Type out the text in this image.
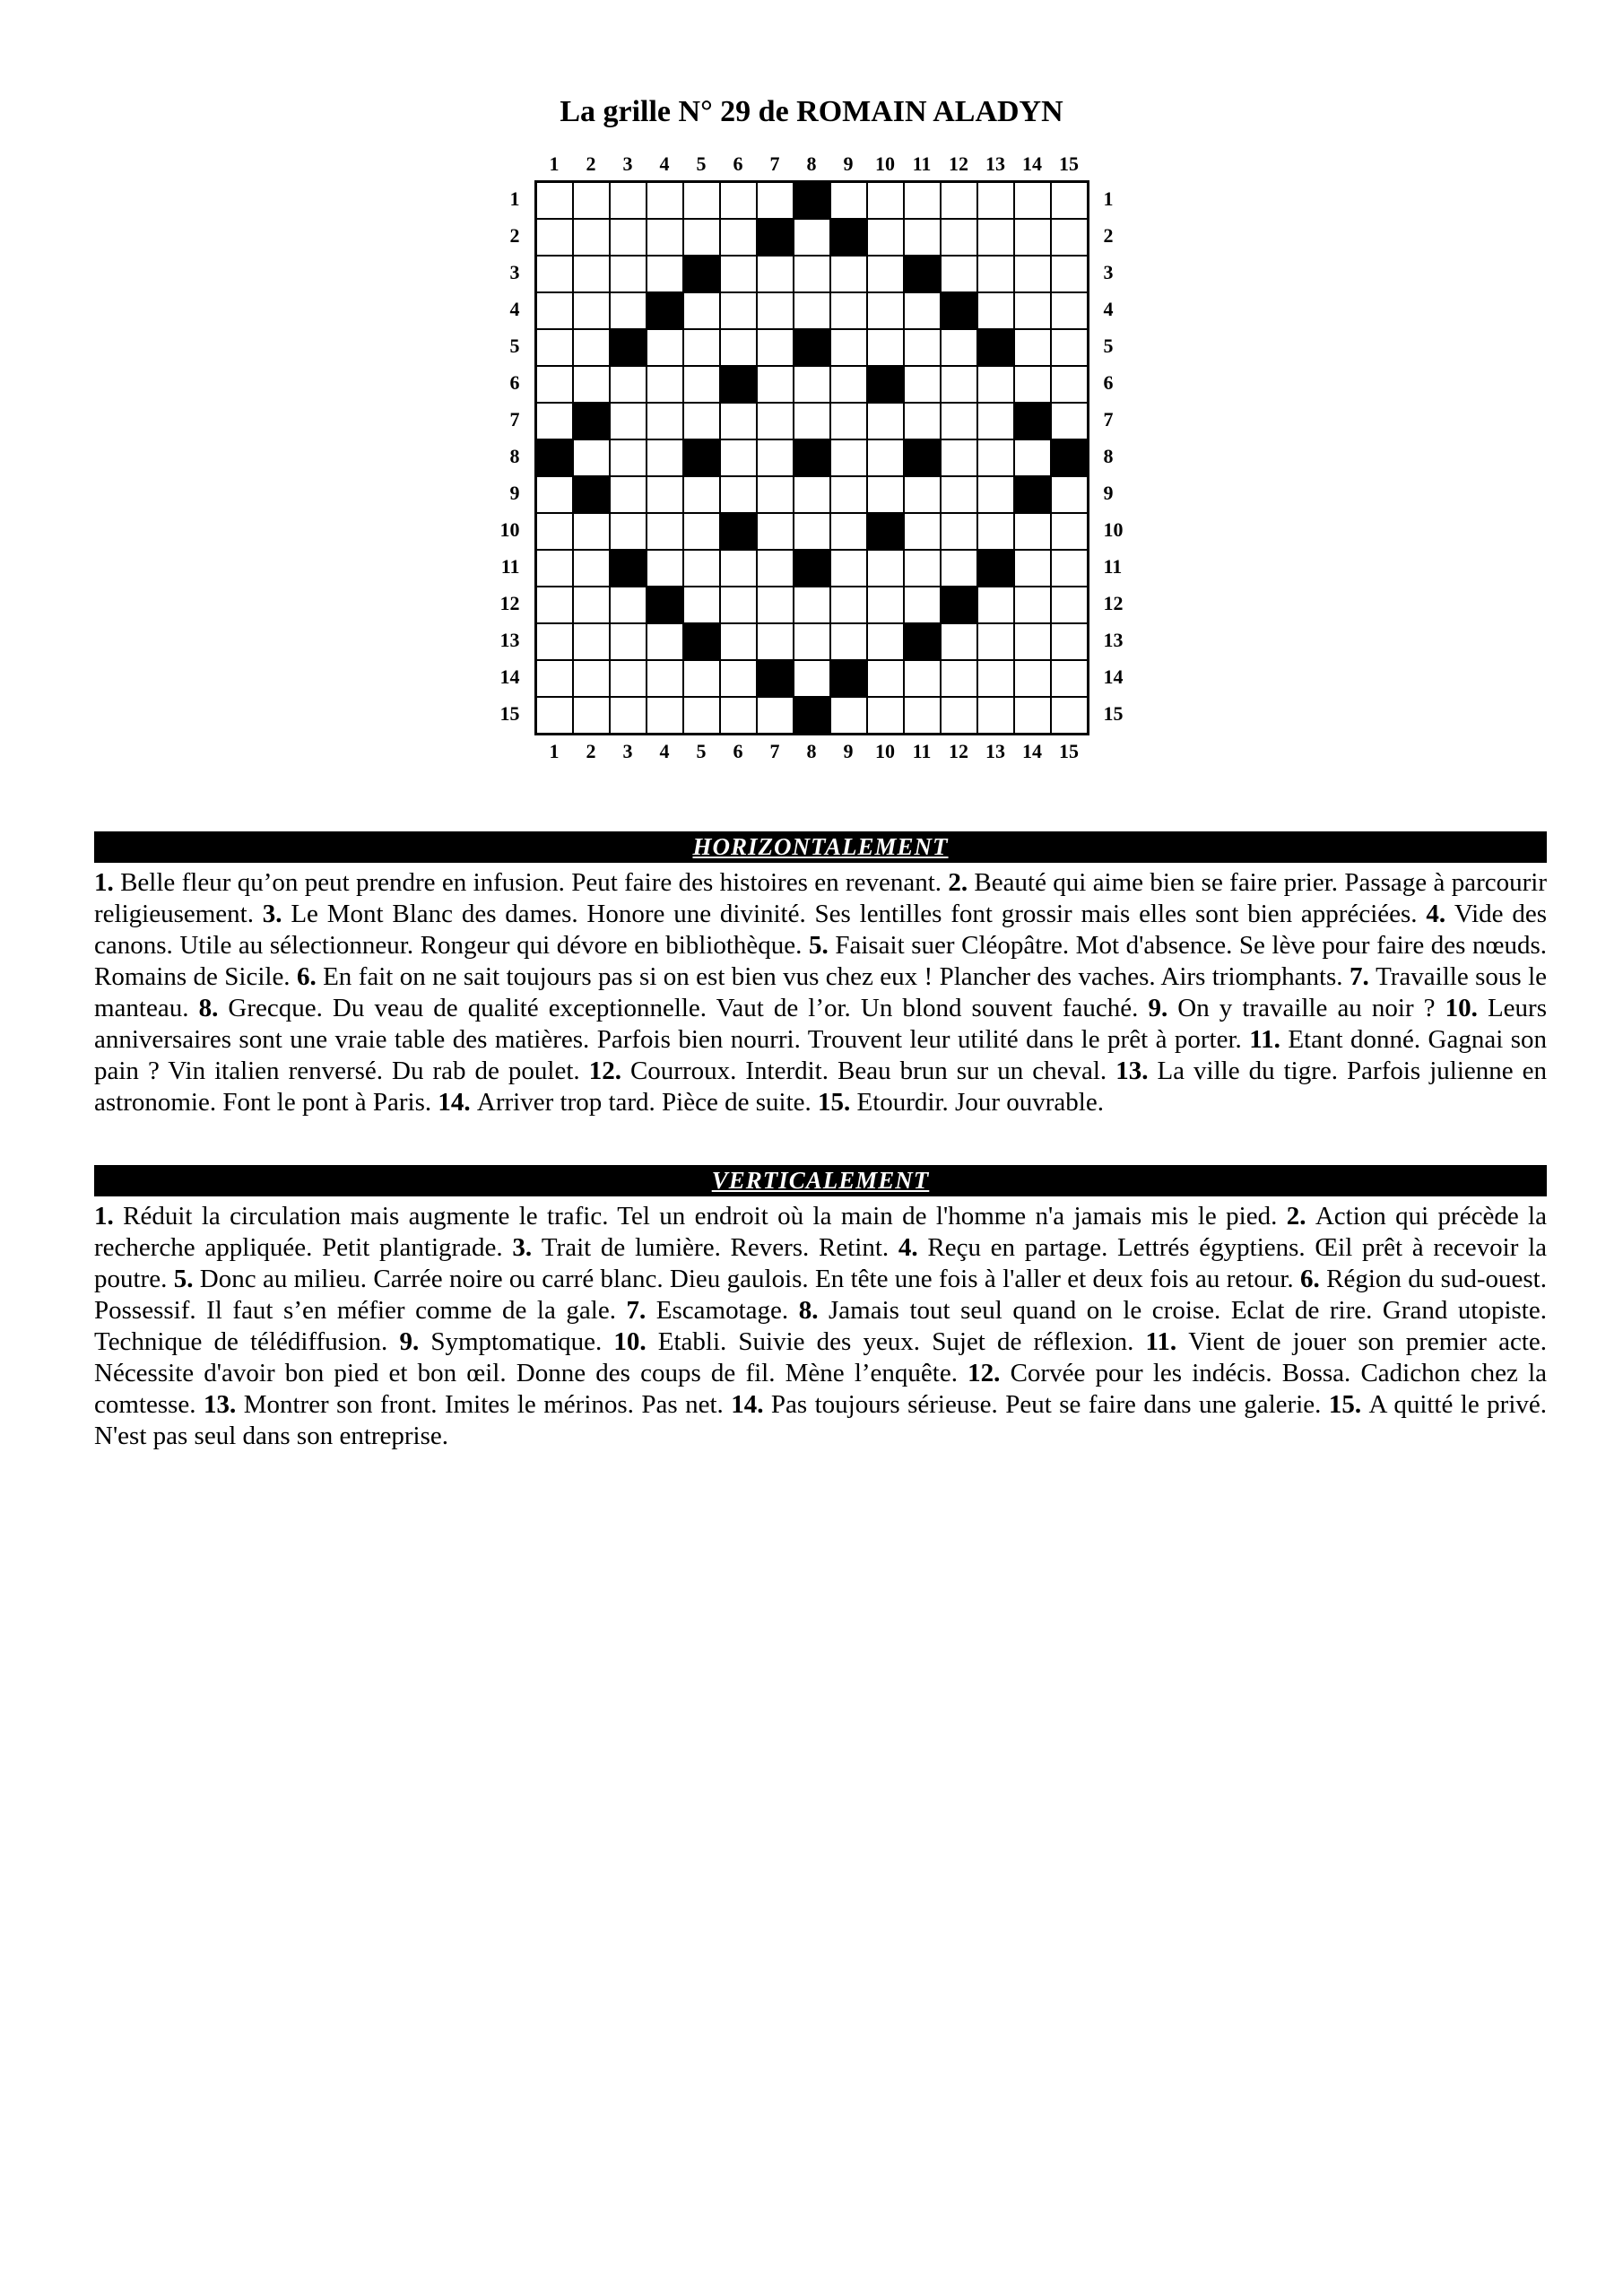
La grille N° 29 de ROMAIN ALADYN
1	2	3	4	5	6	7	8	9	10 11 12 13 14 15
1
2
3
4
5
6
7
8
9
10
11
12
13
14
15
1
2
3
4
5
6
7
8
9
10
11
12
13
14
15
1	2	3	4	5	6	7	8	9	10 11 12 13 14 15
HORIZONTALEMENT
1. Belle fleur qu’on peut prendre en infusion. Peut faire des histoires en revenant. 2. Beauté qui aime bien se faire prier. Passage à parcourir religieusement. 3. Le Mont Blanc des dames. Honore une divinité. Ses lentilles font grossir mais elles sont bien appréciées. 4. Vide des canons. Utile au sélectionneur. Rongeur qui dévore en bibliothèque. 5. Faisait suer Cléopâtre. Mot d'absence. Se lève pour faire des nœuds. Romains de Sicile. 6. En fait on ne sait toujours pas si on est bien vus chez eux ! Plancher des vaches. Airs triomphants. 7. Travaille sous le manteau. 8. Grecque. Du veau de qualité exceptionnelle. Vaut de l’or. Un blond souvent fauché. 9. On y travaille au noir ? 10. Leurs anniversaires sont une vraie table des matières. Parfois bien nourri. Trouvent leur utilité dans le prêt à porter. 11. Etant donné. Gagnai son pain ? Vin italien renversé. Du rab de poulet. 12. Courroux. Interdit. Beau brun sur un cheval. 13. La ville du tigre. Parfois julienne en astronomie. Font le pont à Paris. 14. Arriver trop tard. Pièce de suite. 15. Etourdir. Jour ouvrable.
VERTICALEMENT
1. Réduit la circulation mais augmente le trafic. Tel un endroit où la main de l'homme n'a jamais mis le pied. 2. Action qui précède la recherche appliquée. Petit plantigrade. 3. Trait de lumière. Revers. Retint. 4. Reçu en partage. Lettrés égyptiens. Œil prêt à recevoir la poutre. 5. Donc au milieu. Carrée noire ou carré blanc. Dieu gaulois. En tête une fois à l'aller et deux fois au retour. 6. Région du sud-ouest. Possessif. Il faut s’en méfier comme de la gale. 7. Escamotage. 8. Jamais tout seul quand on le croise. Eclat de rire. Grand utopiste. Technique de télédiffusion. 9. Symptomatique. 10. Etabli. Suivie des yeux. Sujet de réflexion. 11. Vient de jouer son premier acte. Nécessite d'avoir bon pied et bon œil. Donne des coups de fil. Mène l’enquête. 12. Corvée pour les indécis. Bossa. Cadichon chez la comtesse. 13. Montrer son front. Imites le mérinos. Pas net. 14. Pas toujours sérieuse. Peut se faire dans une galerie. 15. A quitté le privé. N'est pas seul dans son entreprise.
